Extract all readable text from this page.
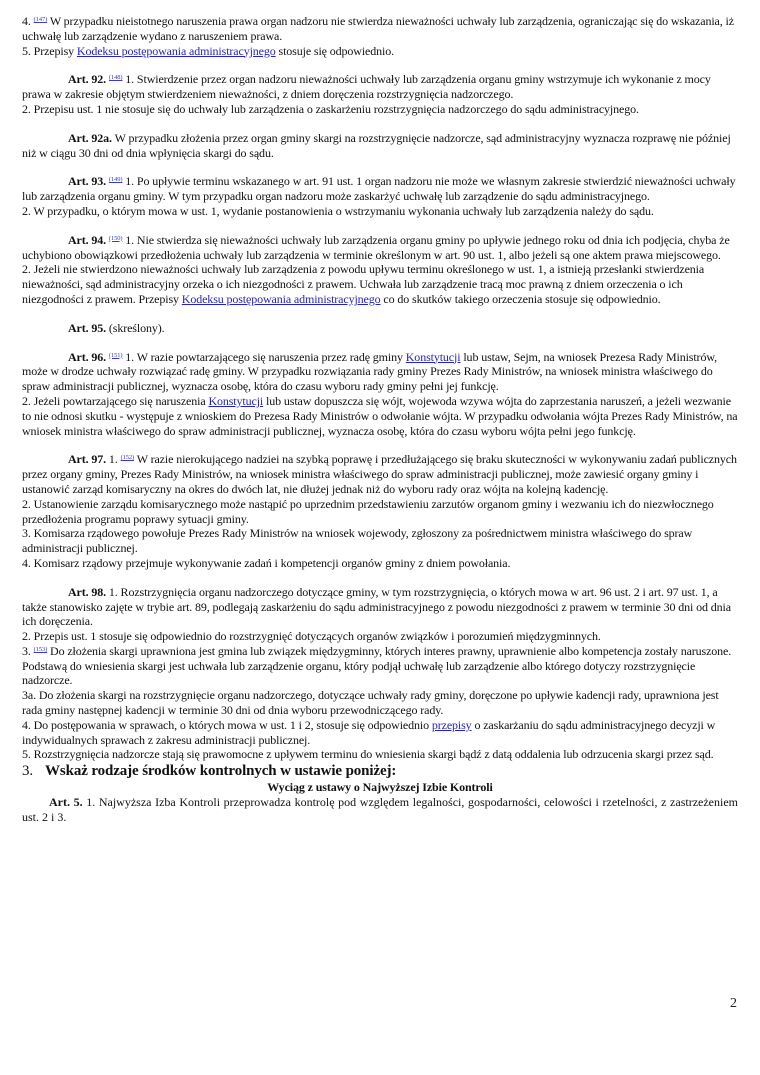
4. $^{(147)}$ W przypadku nieistotnego naruszenia prawa organ nadzoru nie stwierdza nieważności uchwały lub zarządzenia, ograniczając się do wskazania, iż uchwałę lub zarządzenie wydano z naruszeniem prawa.

5. Przepisy Kodeksu postępowania administracyjnego stosuje się odpowiednio.

Art. 92. $^{(148)}$ 1. Stwierdzenie przez organ nadzoru nieważności uchwały lub zarządzenia organu gminy wstrzymuje ich wykonanie z mocy prawa w zakresie objętym stwierdzeniem nieważności, z dniem doręczenia rozstrzygnięcia nadzorczego.

2. Przepisu ust. 1 nie stosuje się do uchwały lub zarządzenia o zaskarżeniu rozstrzygnięcia nadzorczego do sądu administracyjnego.

Art. 92a. W przypadku złożenia przez organ gminy skargi na rozstrzygnięcie nadzorcze, sąd administracyjny wyznacza rozprawę nie później niż w ciągu 30 dni od dnia wpłynięcia skargi do sądu.

Art. 93. $^{(149)}$ 1. Po upływie terminu wskazanego w art. 91 ust. 1 organ nadzoru nie może we własnym zakresie stwierdzić nieważności uchwały lub zarządzenia organu gminy. W tym przypadku organ nadzoru może zaskarżyć uchwałę lub zarządzenie do sądu administracyjnego.

2. W przypadku, o którym mowa w ust. 1, wydanie postanowienia o wstrzymaniu wykonania uchwały lub zarządzenia należy do sądu.

Art. 94. $^{(150)}$ 1. Nie stwierdza się nieważności uchwały lub zarządzenia organu gminy po upływie jednego roku od dnia ich podjęcia, chyba że uchybiono obowiązkowi przedłożenia uchwały lub zarządzenia w terminie określonym w art. 90 ust. 1, albo jeżeli są one aktem prawa miejscowego.

2. Jeżeli nie stwierdzono nieważności uchwały lub zarządzenia z powodu upływu terminu określonego w ust. 1, a istnieją przesłanki stwierdzenia nieważności, sąd administracyjny orzeka o ich niezgodności z prawem. Uchwała lub zarządzenie tracą moc prawną z dniem orzeczenia o ich niezgodności z prawem. Przepisy Kodeksu postępowania administracyjnego co do skutków takiego orzeczenia stosuje się odpowiednio.

Art. 95. (skreślony).

Art. 96. $^{(151)}$ 1. W razie powtarzającego się naruszenia przez radę gminy Konstytucji lub ustaw, Sejm, na wniosek Prezesa Rady Ministrów, może w drodze uchwały rozwiązać radę gminy. W przypadku rozwiązania rady gminy Prezes Rady Ministrów, na wniosek ministra właściwego do spraw administracji publicznej, wyznacza osobę, która do czasu wyboru rady gminy pełni jej funkcję.

2. Jeżeli powtarzającego się naruszenia Konstytucji lub ustaw dopuszcza się wójt, wojewoda wzywa wójta do zaprzestania naruszeń, a jeżeli wezwanie to nie odnosi skutku - występuje z wnioskiem do Prezesa Rady Ministrów o odwołanie wójta. W przypadku odwołania wójta Prezes Rady Ministrów, na wniosek ministra właściwego do spraw administracji publicznej, wyznacza osobę, która do czasu wyboru wójta pełni jego funkcję.

Art. 97. 1. $^{(152)}$ W razie nierokującego nadziei na szybką poprawę i przedłużającego się braku skuteczności w wykonywaniu zadań publicznych przez organy gminy, Prezes Rady Ministrów, na wniosek ministra właściwego do spraw administracji publicznej, może zawiesić organy gminy i ustanowić zarząd komisaryczny na okres do dwóch lat, nie dłużej jednak niż do wyboru rady oraz wójta na kolejną kadencję.

2. Ustanowienie zarządu komisarycznego może nastąpić po uprzednim przedstawieniu zarzutów organom gminy i wezwaniu ich do niezwłocznego przedłożenia programu poprawy sytuacji gminy.

3. Komisarza rządowego powołuje Prezes Rady Ministrów na wniosek wojewody, zgłoszony za pośrednictwem ministra właściwego do spraw administracji publicznej.

4. Komisarz rządowy przejmuje wykonywanie zadań i kompetencji organów gminy z dniem powołania.

Art. 98. 1. Rozstrzygnięcia organu nadzorczego dotyczące gminy, w tym rozstrzygnięcia, o których mowa w art. 96 ust. 2 i art. 97 ust. 1, a także stanowisko zajęte w trybie art. 89, podlegają zaskarżeniu do sądu administracyjnego z powodu niezgodności z prawem w terminie 30 dni od dnia ich doręczenia.

2. Przepis ust. 1 stosuje się odpowiednio do rozstrzygnięć dotyczących organów związków i porozumień międzygminnych.

3. $^{(153)}$ Do złożenia skargi uprawniona jest gmina lub związek międzygminny, których interes prawny, uprawnienie albo kompetencja zostały naruszone. Podstawą do wniesienia skargi jest uchwała lub zarządzenie organu, który podjął uchwałę lub zarządzenie albo którego dotyczy rozstrzygnięcie nadzorcze.

3a. Do złożenia skargi na rozstrzygnięcie organu nadzorczego, dotyczące uchwały rady gminy, doręczone po upływie kadencji rady, uprawniona jest rada gminy następnej kadencji w terminie 30 dni od dnia wyboru przewodniczącego rady.

4. Do postępowania w sprawach, o których mowa w ust. 1 i 2, stosuje się odpowiednio przepisy o zaskarżaniu do sądu administracyjnego decyzji w indywidualnych sprawach z zakresu administracji publicznej.

5. Rozstrzygnięcia nadzorcze stają się prawomocne z upływem terminu do wniesienia skargi bądź z datą oddalenia lub odrzucenia skargi przez sąd.

3. Wskaż rodzaje środków kontrolnych w ustawie poniżej:

Wyciąg z ustawy o Najwyższej Izbie Kontroli

Art. 5. 1. Najwyższa Izba Kontroli przeprowadza kontrolę pod względem legalności, gospodarności, celowości i rzetelności, z zastrzeżeniem ust. 2 i 3.

2
